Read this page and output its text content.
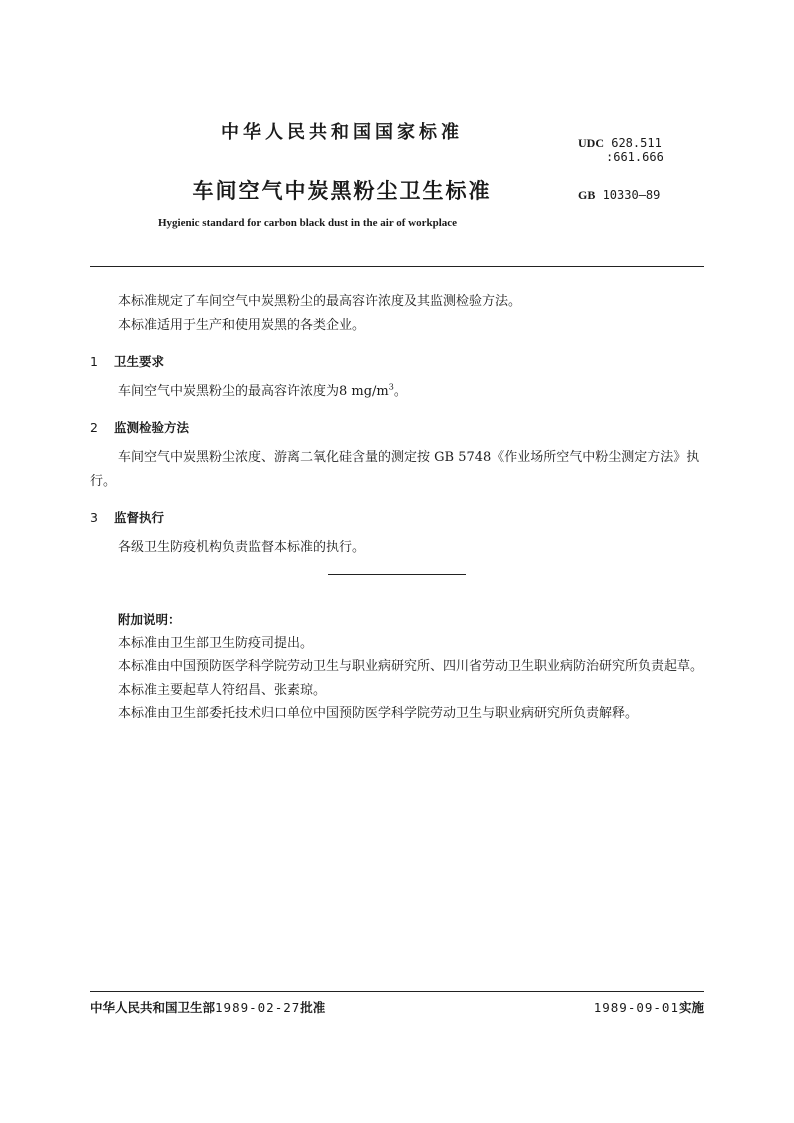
中华人民共和国国家标准	UDC 628.511
:661.666
GB 10330—89
车间空气中炭黑粉尘卫生标准
Hygienic standard for carbon black dust in the air of workplace

本标准规定了车间空气中炭黑粉尘的最高容许浓度及其监测检验方法。

本标准适用于生产和使用炭黑的各类企业。

1 卫生要求

车间空气中炭黑粉尘的最高容许浓度为8 $mg/m^3$。

2 监测检验方法

车间空气中炭黑粉尘浓度、游离二氧化硅含量的测定按 GB 5748《作业场所空气中粉尘测定方法》执行。

3 监督执行

各级卫生防疫机构负责监督本标准的执行。

附加说明：

本标准由卫生部卫生防疫司提出。

本标准由中国预防医学科学院劳动卫生与职业病研究所、四川省劳动卫生职业病防治研究所负责起草。

本标准主要起草人符绍昌、张素琼。

本标准由卫生部委托技术归口单位中国预防医学科学院劳动卫生与职业病研究所负责解释。

中华人民共和国卫生部1989-02-27批准	1989-09-01实施
